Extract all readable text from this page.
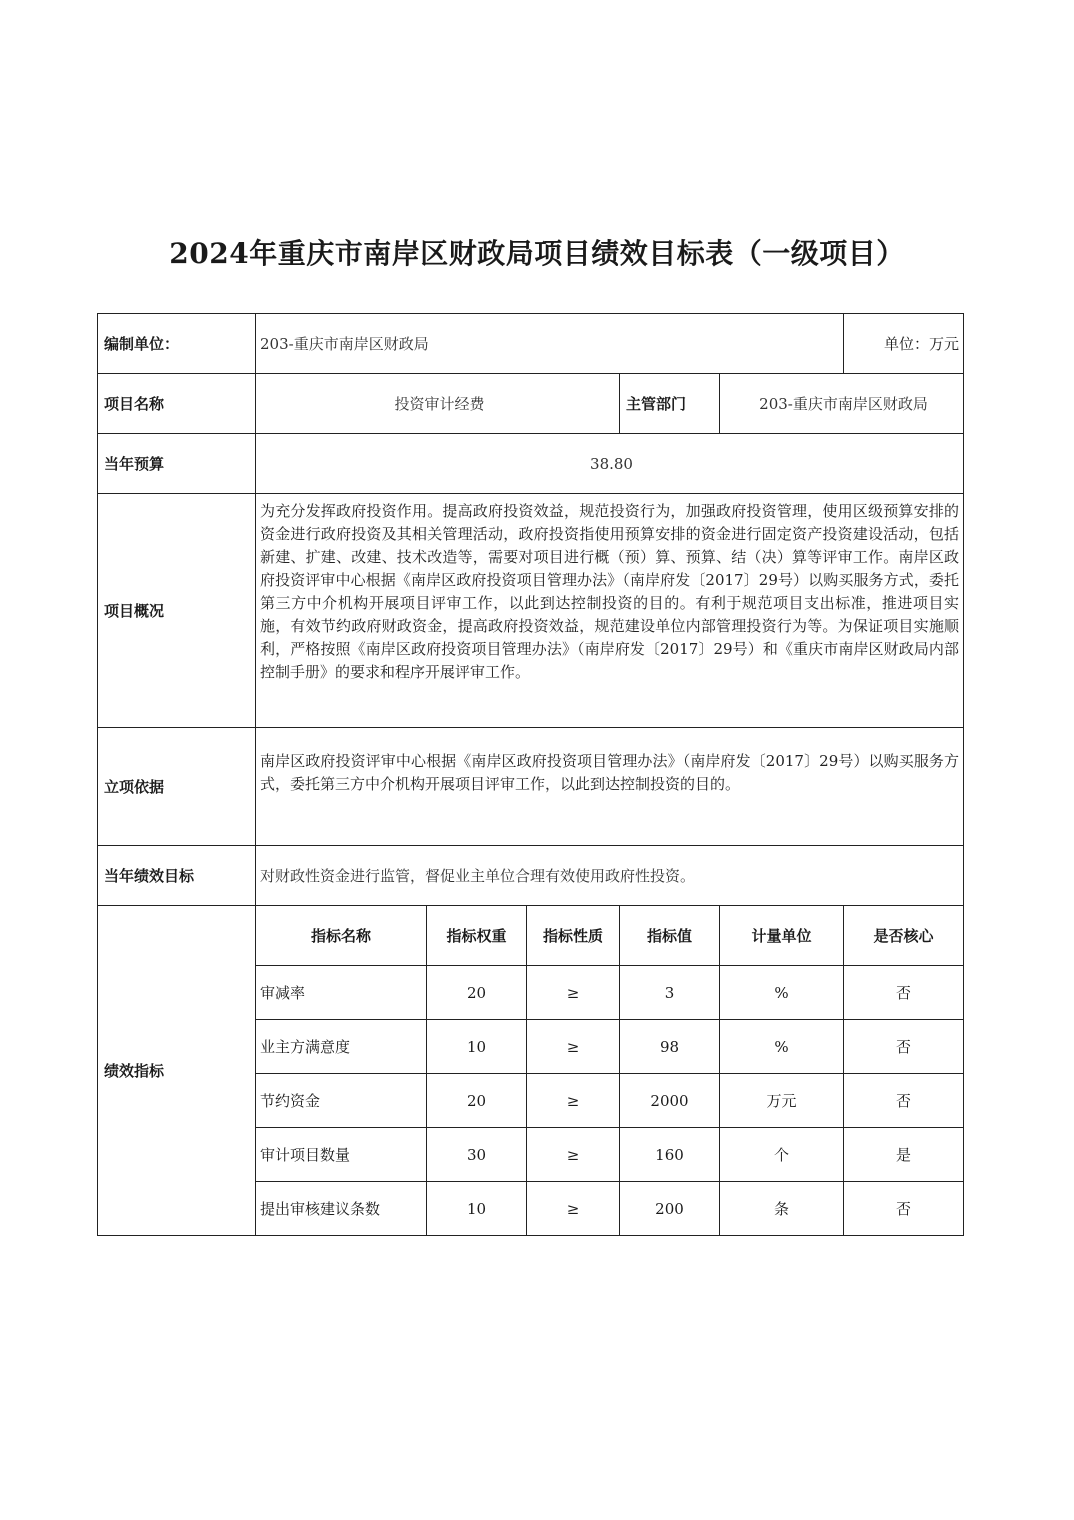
2024年重庆市南岸区财政局项目绩效目标表（一级项目）
编制单位：	203-重庆市南岸区财政局					单位：万元
项目名称	投资审计经费			主管部门	203-重庆市南岸区财政局	
当年预算	38.80					
项目概况	为充分发挥政府投资作用。提高政府投资效益，规范投资行为，加强政府投资管理，使用区级预算安排的资金进行政府投资及其相关管理活动，政府投资指使用预算安排的资金进行固定资产投资建设活动，包括新建、扩建、改建、技术改造等，需要对项目进行概（预）算、预算、结（决）算等评审工作。南岸区政府投资评审中心根据《南岸区政府投资项目管理办法》（南岸府发〔2017〕29号）以购买服务方式，委托第三方中介机构开展项目评审工作，以此到达控制投资的目的。有利于规范项目支出标准，推进项目实施，有效节约政府财政资金，提高政府投资效益，规范建设单位内部管理投资行为等。为保证项目实施顺利，严格按照《南岸区政府投资项目管理办法》（南岸府发〔2017〕29号）和《重庆市南岸区财政局内部控制手册》的要求和程序开展评审工作。					
立项依据	南岸区政府投资评审中心根据《南岸区政府投资项目管理办法》（南岸府发〔2017〕29号）以购买服务方式，委托第三方中介机构开展项目评审工作，以此到达控制投资的目的。					
当年绩效目标	对财政性资金进行监管，督促业主单位合理有效使用政府性投资。					
绩效指标	指标名称	指标权重	指标性质	指标值	计量单位	是否核心
	审减率	20	≥	3	%	否
	业主方满意度	10	≥	98	%	否
	节约资金	20	≥	2000	万元	否
	审计项目数量	30	≥	160	个	是
	提出审核建议条数	10	≥	200	条	否
